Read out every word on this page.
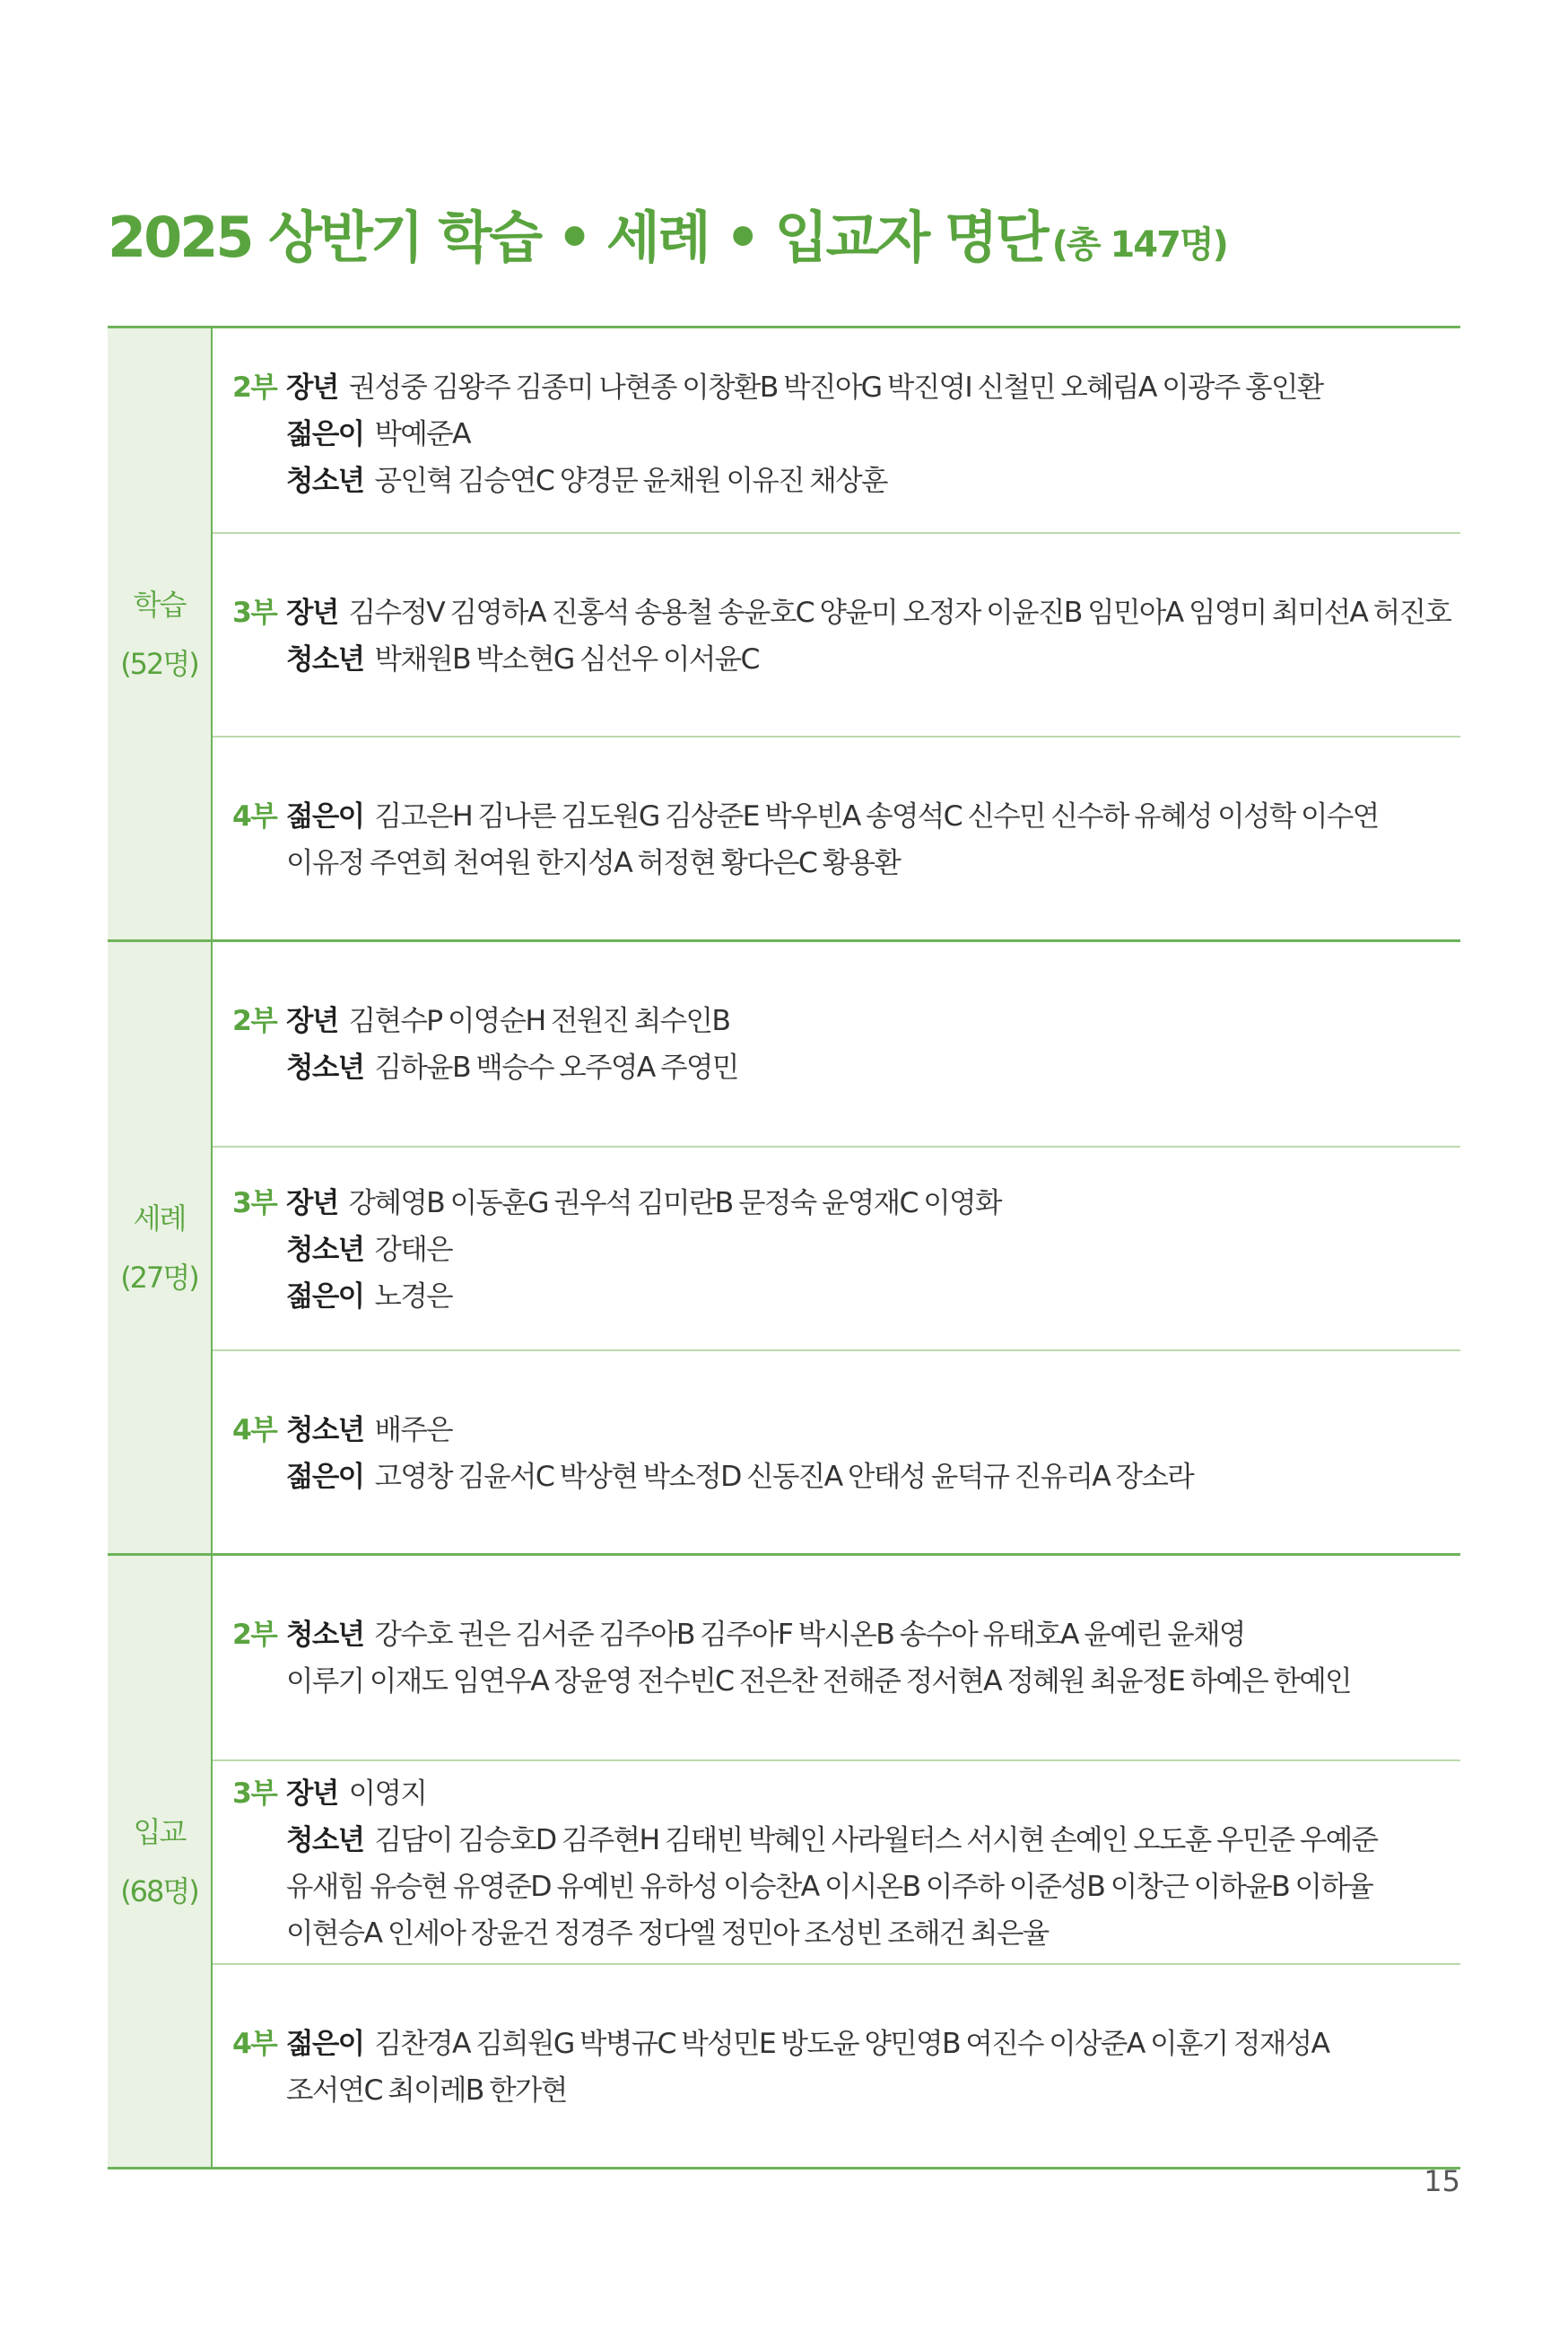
2025 상반기 학습 • 세례 • 입교자 명단 (총 147명)
학습
(52명)
2부 장년 권성중 김왕주 김종미 나현종 이창환B 박진아G 박진영I 신철민 오혜림A 이광주 홍인환
젊은이 박예준A
청소년 공인혁 김승연C 양경문 윤채원 이유진 채상훈
3부 장년 김수정V 김영하A 진홍석 송용철 송윤호C 양윤미 오정자 이윤진B 임민아A 임영미 최미선A 허진호
청소년 박채원B 박소현G 심선우 이서윤C
4부 젊은이 김고은H 김나른 김도원G 김상준E 박우빈A 송영석C 신수민 신수하 유혜성 이성학 이수연
이유정 주연희 천여원 한지성A 허정현 황다은C 황용환
세례
(27명)
2부 장년 김현수P 이영순H 전원진 최수인B
청소년 김하윤B 백승수 오주영A 주영민
3부 장년 강혜영B 이동훈G 권우석 김미란B 문정숙 윤영재C 이영화
청소년 강태은
젊은이 노경은
4부 청소년 배주은
젊은이 고영창 김윤서C 박상현 박소정D 신동진A 안태성 윤덕규 진유리A 장소라
입교
(68명)
2부 청소년 강수호 권은 김서준 김주아B 김주아F 박시온B 송수아 유태호A 윤예린 윤채영
이루기 이재도 임연우A 장윤영 전수빈C 전은찬 전해준 정서현A 정혜원 최윤정E 하예은 한예인
3부 장년 이영지
청소년 김담이 김승호D 김주현H 김태빈 박혜인 사라월터스 서시현 손예인 오도훈 우민준 우예준
유새힘 유승현 유영준D 유예빈 유하성 이승찬A 이시온B 이주하 이준성B 이창근 이하윤B 이하율
이현승A 인세아 장윤건 정경주 정다엘 정민아 조성빈 조해건 최은율
4부 젊은이 김찬경A 김희원G 박병규C 박성민E 방도윤 양민영B 여진수 이상준A 이훈기 정재성A
조서연C 최이레B 한가현
15
